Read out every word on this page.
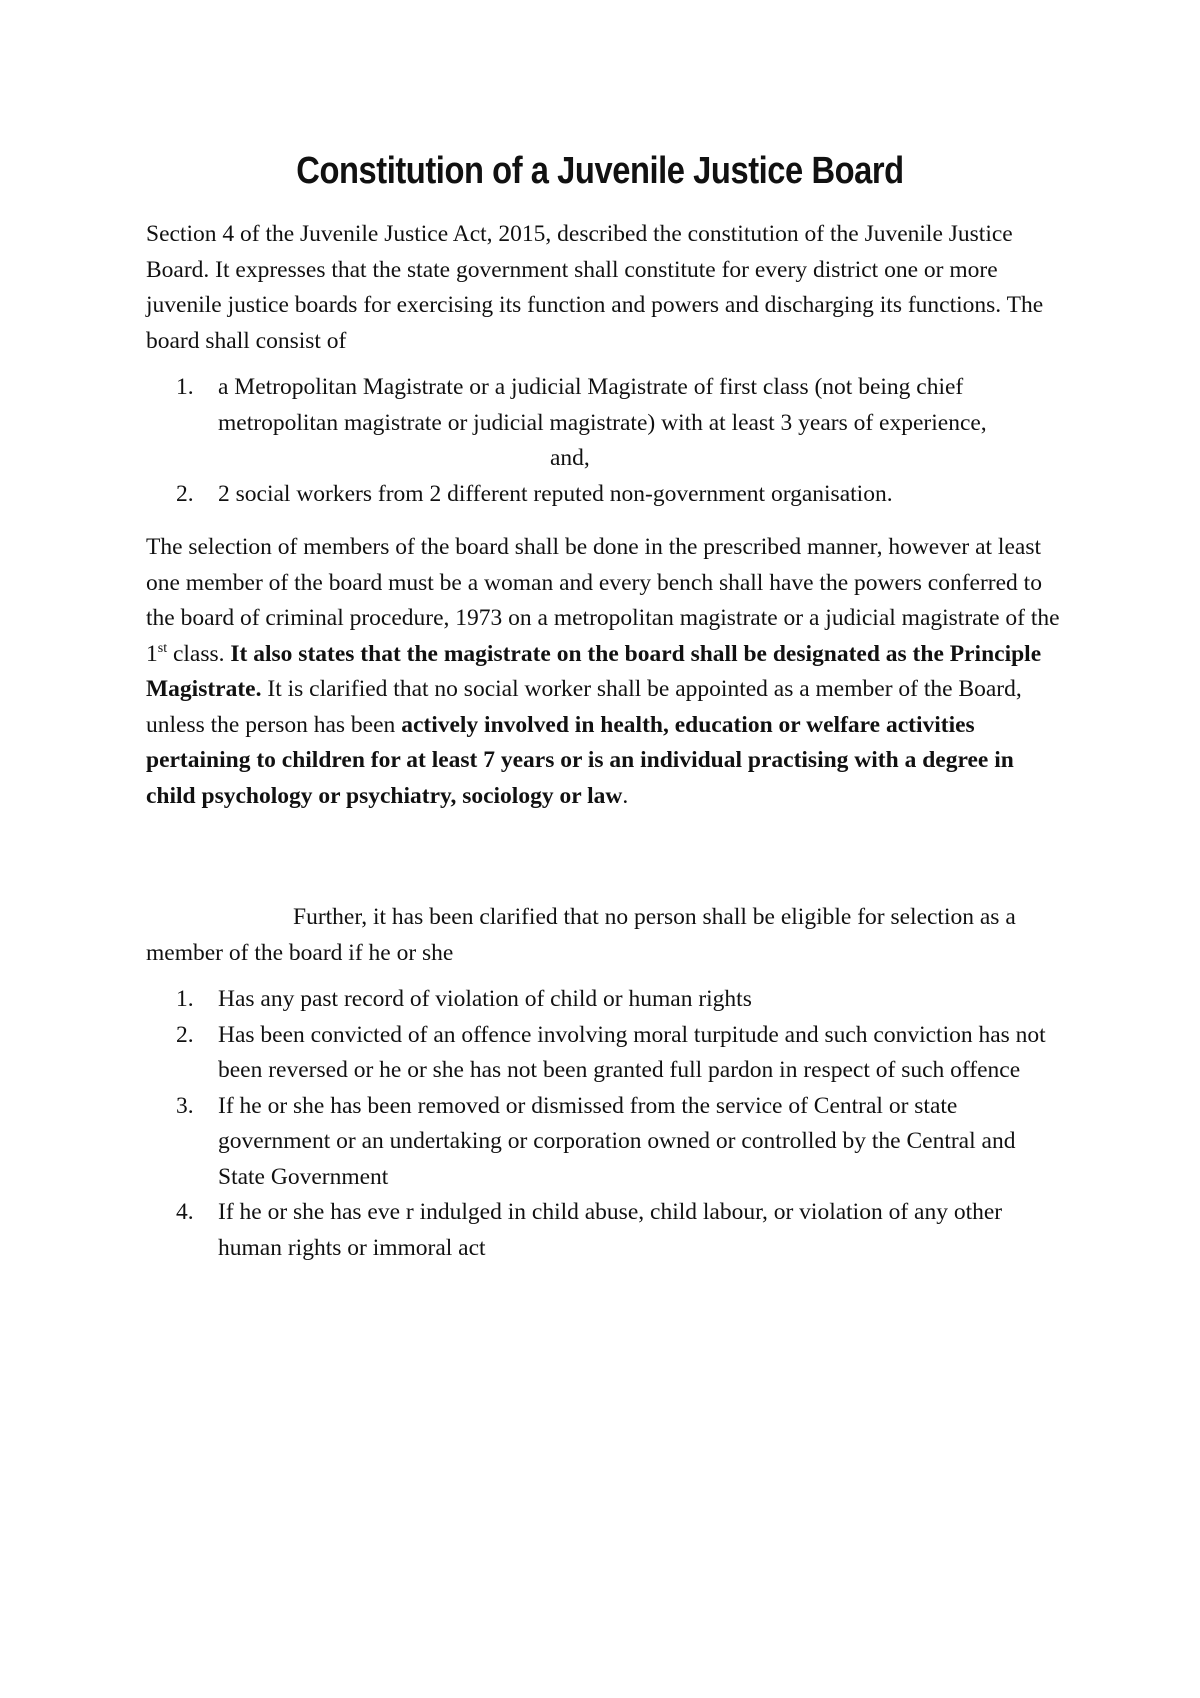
Constitution of a Juvenile Justice Board

Section 4 of the Juvenile Justice Act, 2015, described the constitution of the Juvenile Justice Board. It expresses that the state government shall constitute for every district one or more juvenile justice boards for exercising its function and powers and discharging its functions. The board shall consist of

1. a Metropolitan Magistrate or a judicial Magistrate of first class (not being chief metropolitan magistrate or judicial magistrate) with at least 3 years of experience,and,
2. 2 social workers from 2 different reputed non-government organisation.

The selection of members of the board shall be done in the prescribed manner, however at least one member of the board must be a woman and every bench shall have the powers conferred to the board of criminal procedure, 1973 on a metropolitan magistrate or a judicial magistrate of the 1st class. It also states that the magistrate on the board shall be designated as the Principle Magistrate. It is clarified that no social worker shall be appointed as a member of the Board, unless the person has been actively involved in health, education or welfare activities pertaining to children for at least 7 years or is an individual practising with a degree in child psychology or psychiatry, sociology or law.

Further, it has been clarified that no person shall be eligible for selection as a member of the board if he or she

1. Has any past record of violation of child or human rights
2. Has been convicted of an offence involving moral turpitude and such conviction has not been reversed or he or she has not been granted full pardon in respect of such offence
3. If he or she has been removed or dismissed from the service of Central or state government or an undertaking or corporation owned or controlled by the Central and State Government
4. If he or she has eve r indulged in child abuse, child labour, or violation of any other human rights or immoral act
